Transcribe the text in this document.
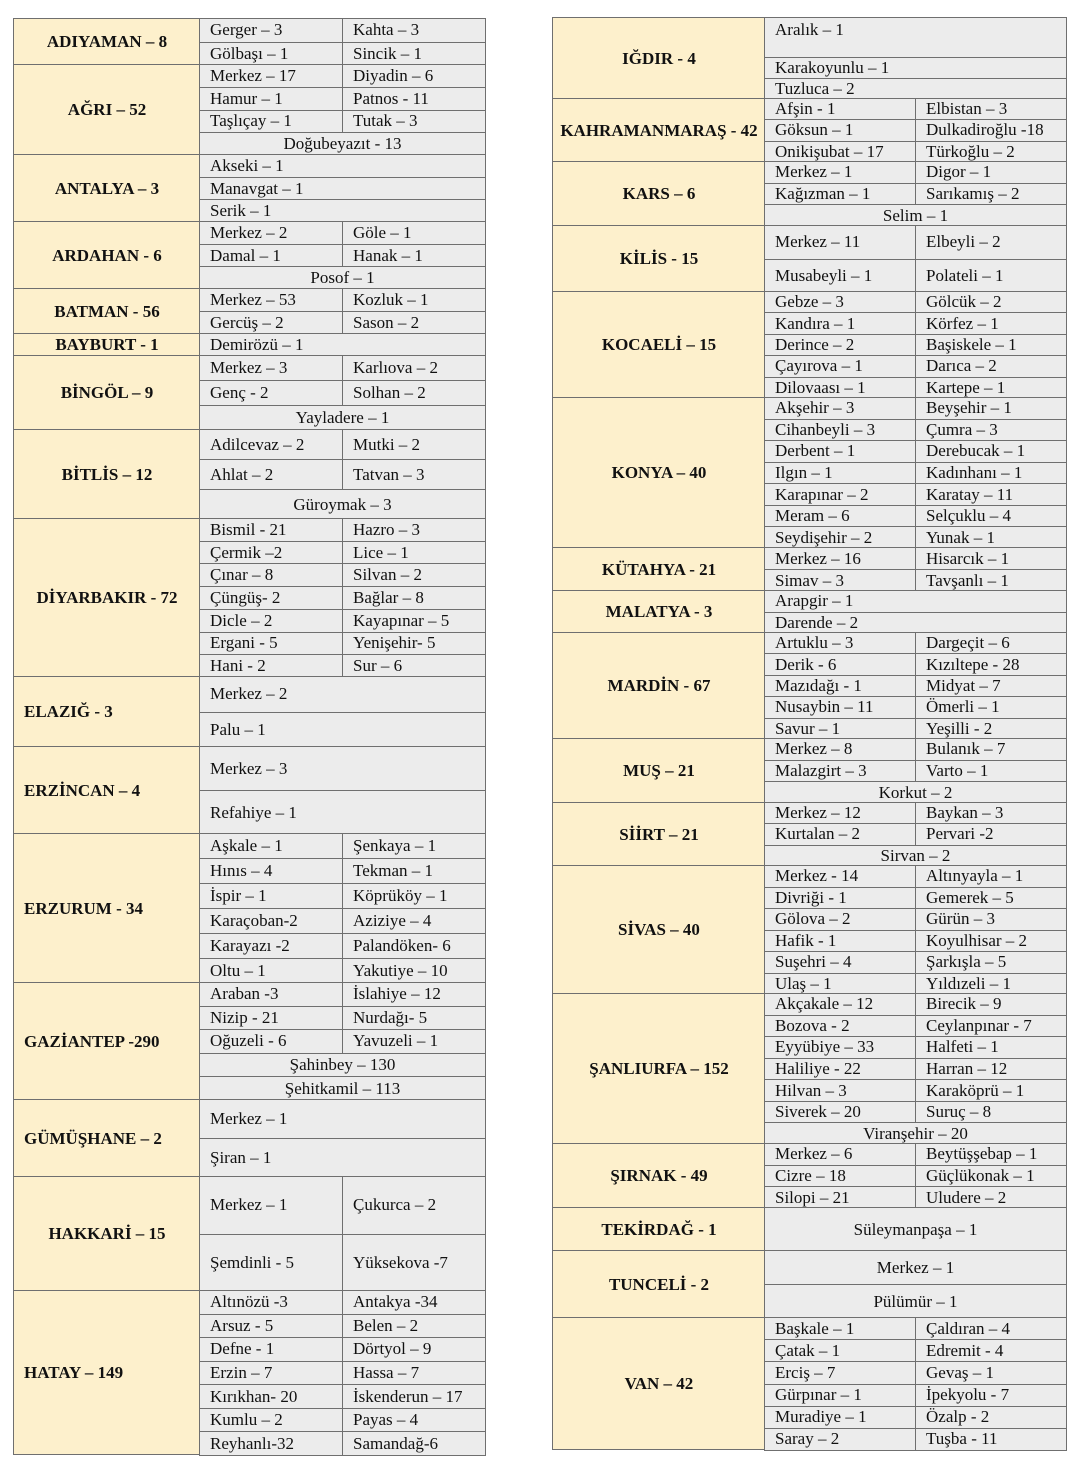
ADIYAMAN – 8
Gerger – 3	Kahta – 3
Gölbaşı – 1	Sincik – 1
AĞRI – 52
Merkez – 17	Diyadin – 6
Hamur – 1	Patnos - 11
Taşlıçay – 1	Tutak – 3
Doğubeyazıt - 13
ANTALYA – 3
Akseki – 1
Manavgat – 1
Serik – 1
ARDAHAN - 6
Merkez – 2	Göle – 1
Damal – 1	Hanak – 1
Posof – 1
BATMAN - 56
Merkez – 53	Kozluk – 1
Gercüş – 2	Sason – 2
BAYBURT - 1	Demirözü – 1
BİNGÖL – 9
Merkez – 3	Karlıova – 2
Genç - 2	Solhan – 2
Yayladere – 1
BİTLİS – 12
Adilcevaz – 2	Mutki – 2
Ahlat – 2	Tatvan – 3
Güroymak – 3
DİYARBAKIR - 72
Bismil - 21	Hazro – 3
Çermik –2	Lice – 1
Çınar – 8	Silvan – 2
Çüngüş- 2	Bağlar – 8
Dicle – 2	Kayapınar – 5
Ergani - 5	Yenişehir- 5
Hani - 2	Sur – 6
ELAZIĞ - 3
Merkez – 2
Palu – 1
ERZİNCAN – 4
Merkez – 3
Refahiye – 1
ERZURUM - 34
Aşkale – 1	Şenkaya – 1
Hınıs – 4	Tekman – 1
İspir – 1	Köprüköy – 1
Karaçoban-2	Aziziye – 4
Karayazı -2	Palandöken- 6
Oltu – 1	Yakutiye – 10
GAZİANTEP -290
Araban -3	İslahiye – 12
Nizip - 21	Nurdağı- 5
Oğuzeli - 6	Yavuzeli – 1
Şahinbey – 130
Şehitkamil – 113
GÜMÜŞHANE – 2
Merkez – 1
Şiran – 1
HAKKARİ – 15
Merkez – 1	Çukurca – 2
Şemdinli - 5	Yüksekova -7
HATAY – 149
Altınözü -3	Antakya -34
Arsuz - 5	Belen – 2
Defne - 1	Dörtyol – 9
Erzin – 7	Hassa – 7
Kırıkhan- 20	İskenderun – 17
Kumlu – 2	Payas – 4
Reyhanlı-32	Samandağ-6
IĞDIR - 4
Aralık – 1
Karakoyunlu – 1
Tuzluca – 2
KAHRAMANMARAŞ - 42
Afşin - 1	Elbistan – 3
Göksun – 1	Dulkadiroğlu -18
Onikişubat – 17	Türkoğlu – 2
KARS – 6
Merkez – 1	Digor – 1
Kağızman – 1	Sarıkamış – 2
Selim – 1
KİLİS - 15
Merkez – 11	Elbeyli – 2
Musabeyli – 1	Polateli – 1
KOCAELİ – 15
Gebze – 3	Gölcük – 2
Kandıra – 1	Körfez – 1
Derince – 2	Başiskele – 1
Çayırova – 1	Darıca – 2
Dilovaası – 1	Kartepe – 1
KONYA – 40
Akşehir – 3	Beyşehir – 1
Cihanbeyli – 3	Çumra – 3
Derbent – 1	Derebucak – 1
Ilgın – 1	Kadınhanı – 1
Karapınar – 2	Karatay – 11
Meram – 6	Selçuklu – 4
Seydişehir – 2	Yunak – 1
KÜTAHYA - 21
Merkez – 16	Hisarcık – 1
Simav – 3	Tavşanlı – 1
MALATYA - 3
Arapgir – 1
Darende – 2
MARDİN - 67
Artuklu – 3	Dargeçit – 6
Derik - 6	Kızıltepe - 28
Mazıdağı - 1	Midyat – 7
Nusaybin – 11	Ömerli – 1
Savur – 1	Yeşilli - 2
MUŞ – 21
Merkez – 8	Bulanık – 7
Malazgirt – 3	Varto – 1
Korkut – 2
SİİRT – 21
Merkez – 12	Baykan – 3
Kurtalan – 2	Pervari -2
Sirvan – 2
SİVAS – 40
Merkez - 14	Altınyayla – 1
Divriği - 1	Gemerek – 5
Gölova – 2	Gürün – 3
Hafik - 1	Koyulhisar – 2
Suşehri – 4	Şarkışla – 5
Ulaş – 1	Yıldızeli – 1
ŞANLIURFA – 152
Akçakale – 12	Birecik – 9
Bozova - 2	Ceylanpınar - 7
Eyyübiye – 33	Halfeti – 1
Haliliye - 22	Harran – 12
Hilvan – 3	Karaköprü – 1
Siverek – 20	Suruç – 8
Viranşehir – 20
ŞIRNAK - 49
Merkez – 6	Beytüşşebap – 1
Cizre – 18	Güçlükonak – 1
Silopi – 21	Uludere – 2
TEKİRDAĞ - 1	Süleymanpaşa – 1
TUNCELİ - 2
Merkez – 1
Pülümür – 1
VAN – 42
Başkale – 1	Çaldıran – 4
Çatak – 1	Edremit - 4
Erciş – 7	Gevaş – 1
Gürpınar – 1	İpekyolu - 7
Muradiye – 1	Özalp - 2
Saray – 2	Tuşba - 11
